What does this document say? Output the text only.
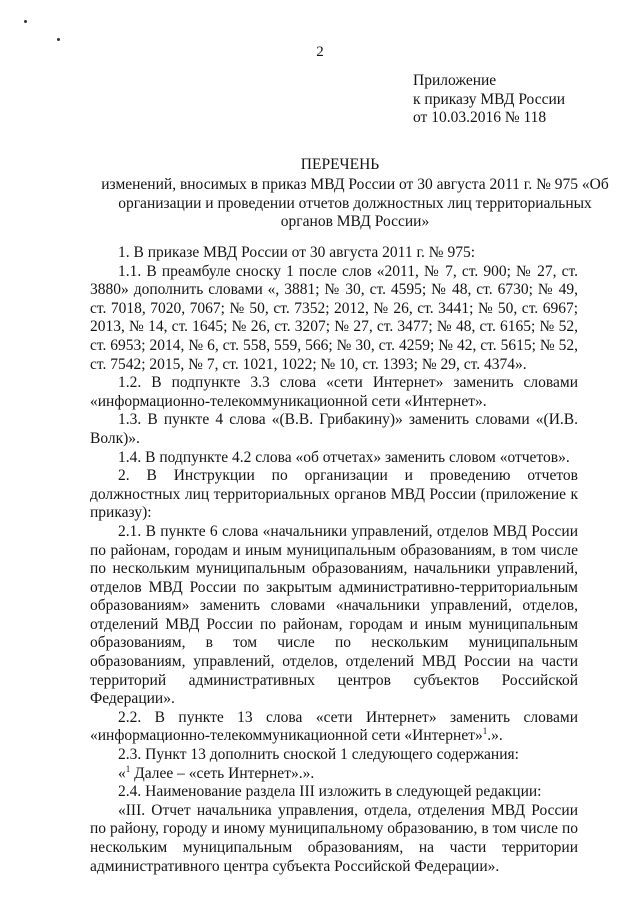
2
Приложение
к приказу МВД России
от 10.03.2016 № 118
ПЕРЕЧЕНЬ
изменений, вносимых в приказ МВД России от 30 августа 2011 г. № 975 «Об организации и проведении отчетов должностных лиц территориальных органов МВД России»

1. В приказе МВД России от 30 августа 2011 г. № 975:

1.1. В преамбуле сноску 1 после слов «2011, № 7, ст. 900; № 27, ст. 3880» дополнить словами «, 3881; № 30, ст. 4595; № 48, ст. 6730; № 49, ст. 7018, 7020, 7067; № 50, ст. 7352; 2012, № 26, ст. 3441; № 50, ст. 6967; 2013, № 14, ст. 1645; № 26, ст. 3207; № 27, ст. 3477; № 48, ст. 6165; № 52, ст. 6953; 2014, № 6, ст. 558, 559, 566; № 30, ст. 4259; № 42, ст. 5615; № 52, ст. 7542; 2015, № 7, ст. 1021, 1022; № 10, ст. 1393; № 29, ст. 4374».

1.2. В подпункте 3.3 слова «сети Интернет» заменить словами «информационно-телекоммуникационной сети «Интернет».

1.3. В пункте 4 слова «(В.В. Грибакину)» заменить словами «(И.В. Волк)».

1.4. В подпункте 4.2 слова «об отчетах» заменить словом «отчетов».

2. В Инструкции по организации и проведению отчетов должностных лиц территориальных органов МВД России (приложение к приказу):

2.1. В пункте 6 слова «начальники управлений, отделов МВД России по районам, городам и иным муниципальным образованиям, в том числе по нескольким муниципальным образованиям, начальники управлений, отделов МВД России по закрытым административно-территориальным образованиям» заменить словами «начальники управлений, отделов, отделений МВД России по районам, городам и иным муниципальным образованиям, в том числе по нескольким муниципальным образованиям, управлений, отделов, отделений МВД России на части территорий административных центров субъектов Российской Федерации».

2.2. В пункте 13 слова «сети Интернет» заменить словами «информационно-телекоммуникационной сети «Интернет»$^1$.».

2.3. Пункт 13 дополнить сноской 1 следующего содержания:

«$^1$ Далее – «сеть Интернет».».

2.4. Наименование раздела III изложить в следующей редакции:

«III. Отчет начальника управления, отдела, отделения МВД России по району, городу и иному муниципальному образованию, в том числе по нескольким муниципальным образованиям, на части территории административного центра субъекта Российской Федерации».
